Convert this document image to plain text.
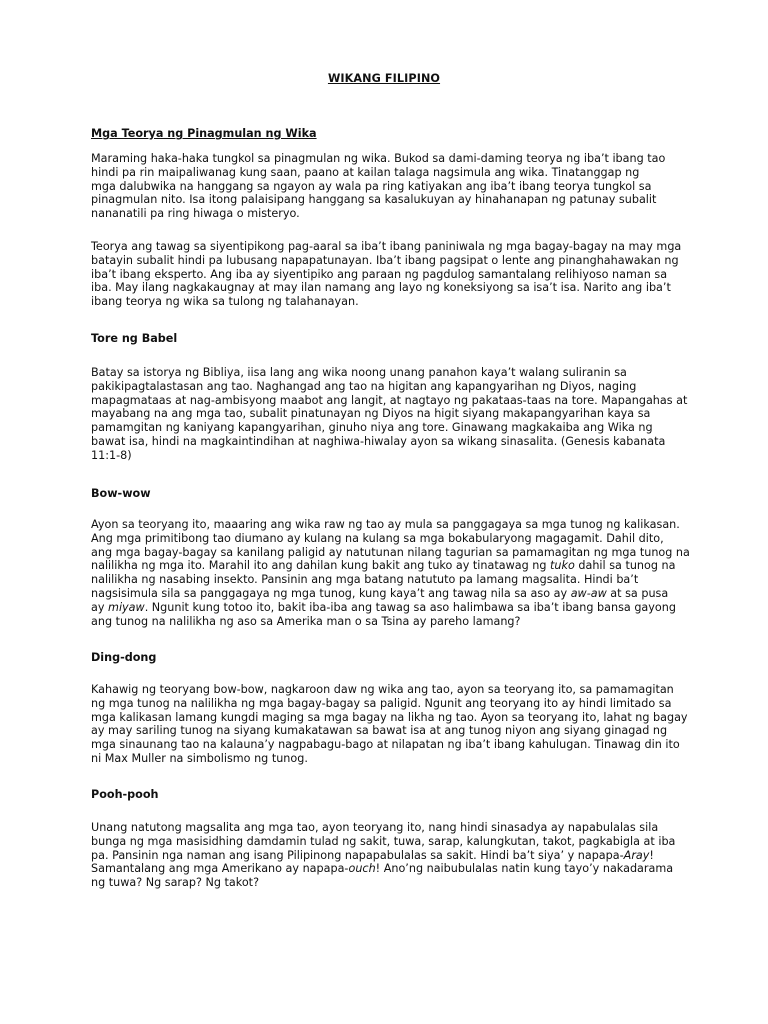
WIKANG FILIPINO
Mga Teorya ng Pinagmulan ng Wika

Maraming haka-haka tungkol sa pinagmulan ng wika. Bukod sa dami-daming teorya ng iba’t ibang tao
hindi pa rin maipaliwanag kung saan, paano at kailan talaga nagsimula ang wika. Tinatanggap ng
mga dalubwika na hanggang sa ngayon ay wala pa ring katiyakan ang iba’t ibang teorya tungkol sa
pinagmulan nito. Isa itong palaisipang hanggang sa kasalukuyan ay hinahanapan ng patunay subalit
nananatili pa ring hiwaga o misteryo.

Teorya ang tawag sa siyentipikong pag-aaral sa iba’t ibang paniniwala ng mga bagay-bagay na may mga
batayin subalit hindi pa lubusang napapatunayan. Iba’t ibang pagsipat o lente ang pinanghahawakan ng
iba’t ibang eksperto. Ang iba ay siyentipiko ang paraan ng pagdulog samantalang relihiyoso naman sa
iba. May ilang nagkakaugnay at may ilan namang ang layo ng koneksiyong sa isa’t isa. Narito ang iba’t
ibang teorya ng wika sa tulong ng talahanayan.

Tore ng Babel

Batay sa istorya ng Bibliya, iisa lang ang wika noong unang panahon kaya’t walang suliranin sa
pakikipagtalastasan ang tao. Naghangad ang tao na higitan ang kapangyarihan ng Diyos, naging
mapagmataas at nag-ambisyong maabot ang langit, at nagtayo ng pakataas-taas na tore. Mapangahas at
mayabang na ang mga tao, subalit pinatunayan ng Diyos na higit siyang makapangyarihan kaya sa
pamamgitan ng kaniyang kapangyarihan, ginuho niya ang tore. Ginawang magkakaiba ang Wika ng
bawat isa, hindi na magkaintindihan at naghiwa-hiwalay ayon sa wikang sinasalita. (Genesis kabanata
11:1-8)

Bow-wow

Ayon sa teoryang ito, maaaring ang wika raw ng tao ay mula sa panggagaya sa mga tunog ng kalikasan.
Ang mga primitibong tao diumano ay kulang na kulang sa mga bokabularyong magagamit. Dahil dito,
ang mga bagay-bagay sa kanilang paligid ay natutunan nilang tagurian sa pamamagitan ng mga tunog na
nalilikha ng mga ito. Marahil ito ang dahilan kung bakit ang tuko ay tinatawag ng tuko dahil sa tunog na
nalilikha ng nasabing insekto. Pansinin ang mga batang natututo pa lamang magsalita. Hindi ba’t
nagsisimula sila sa panggagaya ng mga tunog, kung kaya’t ang tawag nila sa aso ay aw-aw at sa pusa
ay miyaw. Ngunit kung totoo ito, bakit iba-iba ang tawag sa aso halimbawa sa iba’t ibang bansa gayong
ang tunog na nalilikha ng aso sa Amerika man o sa Tsina ay pareho lamang?

Ding-dong

Kahawig ng teoryang bow-bow, nagkaroon daw ng wika ang tao, ayon sa teoryang ito, sa pamamagitan
ng mga tunog na nalilikha ng mga bagay-bagay sa paligid. Ngunit ang teoryang ito ay hindi limitado sa
mga kalikasan lamang kungdi maging sa mga bagay na likha ng tao. Ayon sa teoryang ito, lahat ng bagay
ay may sariling tunog na siyang kumakatawan sa bawat isa at ang tunog niyon ang siyang ginagad ng
mga sinaunang tao na kalauna’y nagpabagu-bago at nilapatan ng iba’t ibang kahulugan. Tinawag din ito
ni Max Muller na simbolismo ng tunog.

Pooh-pooh

Unang natutong magsalita ang mga tao, ayon teoryang ito, nang hindi sinasadya ay napabulalas sila
bunga ng mga masisidhing damdamin tulad ng sakit, tuwa, sarap, kalungkutan, takot, pagkabigla at iba
pa. Pansinin nga naman ang isang Pilipinong napapabulalas sa sakit. Hindi ba’t siya’ y napapa-Aray!
Samantalang ang mga Amerikano ay napapa-ouch! Ano’ng naibubulalas natin kung tayo’y nakadarama
ng tuwa? Ng sarap? Ng takot?
